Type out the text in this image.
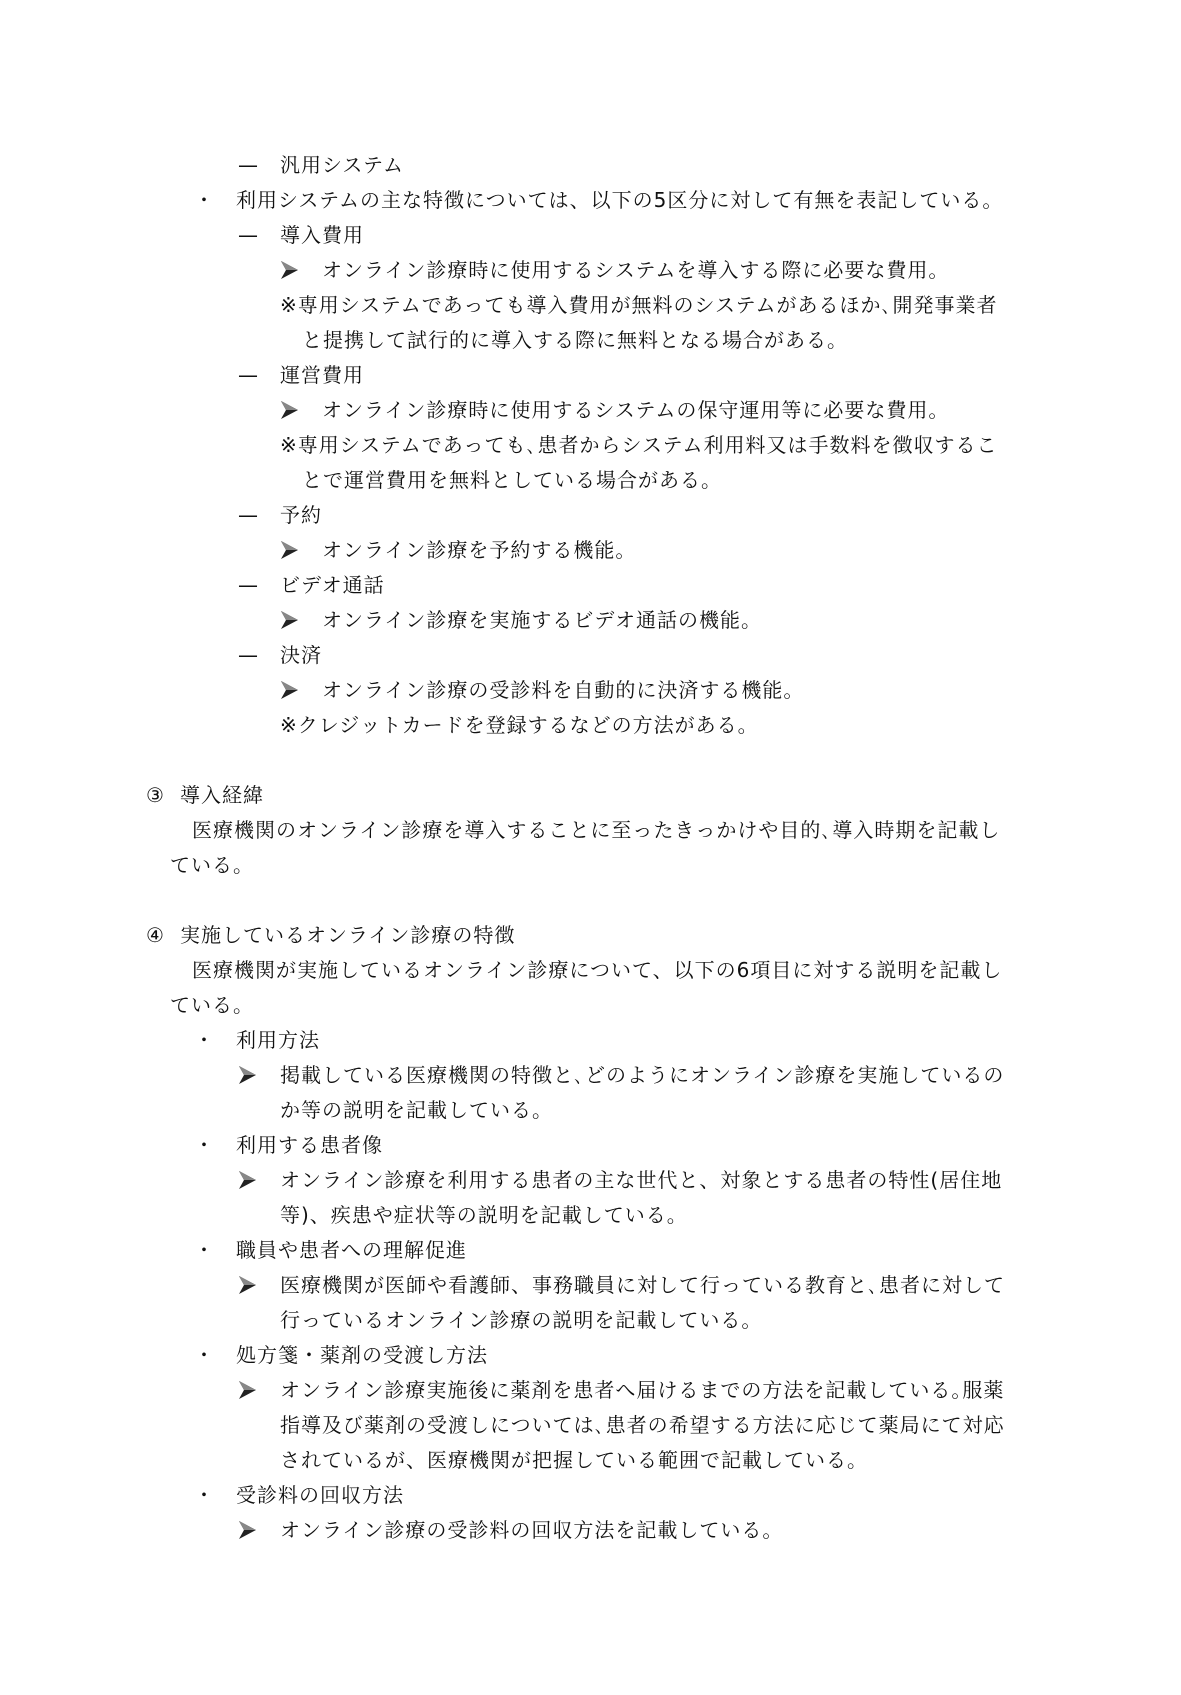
— 汎用システム
・ 利用システムの主な特徴については、以下の5区分に対して有無を表記している。
— 導入費用
オンライン診療時に使用するシステムを導入する際に必要な費用。
※専用システムであっても導入費用が無料のシステムがあるほか､開発事業者
と提携して試行的に導入する際に無料となる場合がある。
— 運営費用
オンライン診療時に使用するシステムの保守運用等に必要な費用。
※専用システムであっても､患者からシステム利用料又は手数料を徴収するこ
とで運営費用を無料としている場合がある。
— 予約
オンライン診療を予約する機能。
— ビデオ通話
オンライン診療を実施するビデオ通話の機能。
— 決済
オンライン診療の受診料を自動的に決済する機能。
※クレジットカードを登録するなどの方法がある。
③ 導入経緯
医療機関のオンライン診療を導入することに至ったきっかけや目的､導入時期を記載し
ている。
④ 実施しているオンライン診療の特徴
医療機関が実施しているオンライン診療について、以下の6項目に対する説明を記載し
ている。
・ 利用方法
掲載している医療機関の特徴と､どのようにオンライン診療を実施しているの
か等の説明を記載している。
・ 利用する患者像
オンライン診療を利用する患者の主な世代と、対象とする患者の特性(居住地
等)、疾患や症状等の説明を記載している。
・ 職員や患者への理解促進
医療機関が医師や看護師、事務職員に対して行っている教育と､患者に対して
行っているオンライン診療の説明を記載している。
・ 処方箋・薬剤の受渡し方法
オンライン診療実施後に薬剤を患者へ届けるまでの方法を記載している｡服薬
指導及び薬剤の受渡しについては､患者の希望する方法に応じて薬局にて対応
されているが、医療機関が把握している範囲で記載している。
・ 受診料の回収方法
オンライン診療の受診料の回収方法を記載している。
